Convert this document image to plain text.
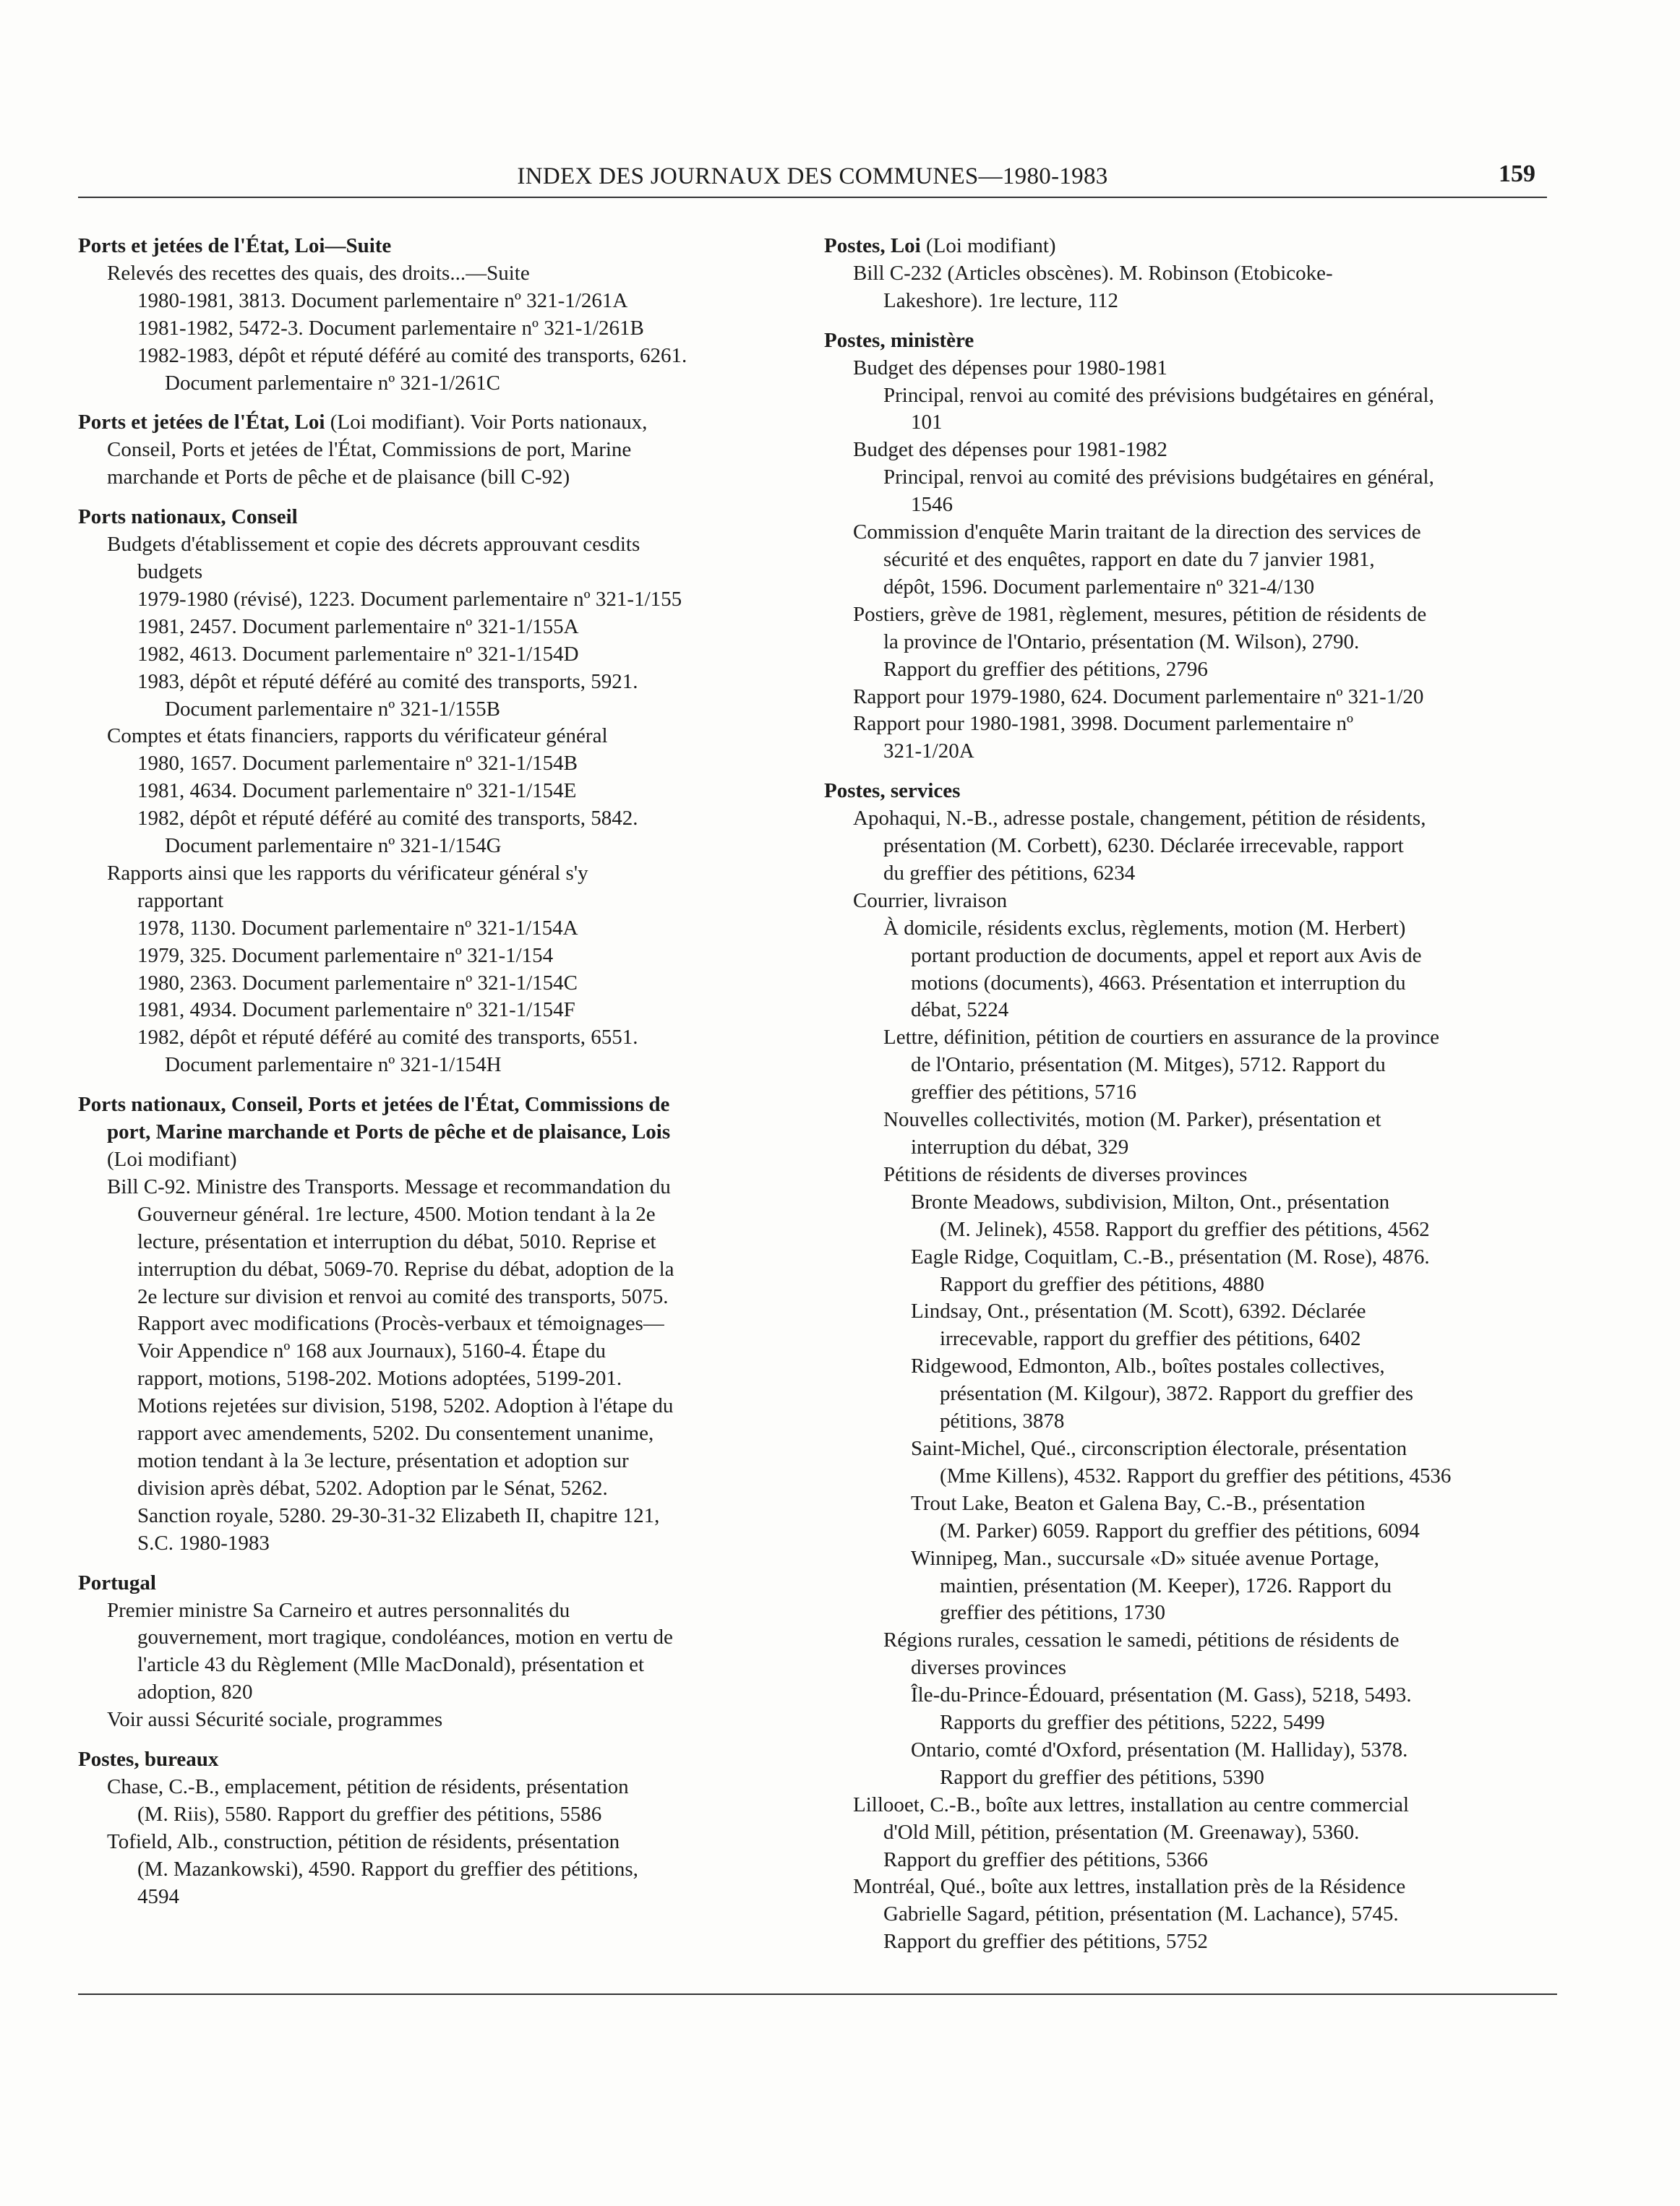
INDEX DES JOURNAUX DES COMMUNES—1980-1983	159
Ports et jetées de l'État, Loi—Suite
Relevés des recettes des quais, des droits...—Suite
1980-1981, 3813. Document parlementaire nº 321-1/261A
1981-1982, 5472-3. Document parlementaire nº 321-1/261B
1982-1983, dépôt et réputé déféré au comité des transports, 6261.
Document parlementaire nº 321-1/261C
Ports et jetées de l'État, Loi (Loi modifiant). Voir Ports nationaux,
Conseil, Ports et jetées de l'État, Commissions de port, Marine
marchande et Ports de pêche et de plaisance (bill C-92)
Ports nationaux, Conseil
Budgets d'établissement et copie des décrets approuvant cesdits
budgets
1979-1980 (révisé), 1223. Document parlementaire nº 321-1/155
1981, 2457. Document parlementaire nº 321-1/155A
1982, 4613. Document parlementaire nº 321-1/154D
1983, dépôt et réputé déféré au comité des transports, 5921.
Document parlementaire nº 321-1/155B
Comptes et états financiers, rapports du vérificateur général
1980, 1657. Document parlementaire nº 321-1/154B
1981, 4634. Document parlementaire nº 321-1/154E
1982, dépôt et réputé déféré au comité des transports, 5842.
Document parlementaire nº 321-1/154G
Rapports ainsi que les rapports du vérificateur général s'y
rapportant
1978, 1130. Document parlementaire nº 321-1/154A
1979, 325. Document parlementaire nº 321-1/154
1980, 2363. Document parlementaire nº 321-1/154C
1981, 4934. Document parlementaire nº 321-1/154F
1982, dépôt et réputé déféré au comité des transports, 6551.
Document parlementaire nº 321-1/154H
Ports nationaux, Conseil, Ports et jetées de l'État, Commissions de
port, Marine marchande et Ports de pêche et de plaisance, Lois
(Loi modifiant)
Bill C-92. Ministre des Transports. Message et recommandation du
Gouverneur général. 1re lecture, 4500. Motion tendant à la 2e
lecture, présentation et interruption du débat, 5010. Reprise et
interruption du débat, 5069-70. Reprise du débat, adoption de la
2e lecture sur division et renvoi au comité des transports, 5075.
Rapport avec modifications (Procès-verbaux et témoignages—
Voir Appendice nº 168 aux Journaux), 5160-4. Étape du
rapport, motions, 5198-202. Motions adoptées, 5199-201.
Motions rejetées sur division, 5198, 5202. Adoption à l'étape du
rapport avec amendements, 5202. Du consentement unanime,
motion tendant à la 3e lecture, présentation et adoption sur
division après débat, 5202. Adoption par le Sénat, 5262.
Sanction royale, 5280. 29-30-31-32 Elizabeth II, chapitre 121,
S.C. 1980-1983
Portugal
Premier ministre Sa Carneiro et autres personnalités du
gouvernement, mort tragique, condoléances, motion en vertu de
l'article 43 du Règlement (Mlle MacDonald), présentation et
adoption, 820
Voir aussi Sécurité sociale, programmes
Postes, bureaux
Chase, C.-B., emplacement, pétition de résidents, présentation
(M. Riis), 5580. Rapport du greffier des pétitions, 5586
Tofield, Alb., construction, pétition de résidents, présentation
(M. Mazankowski), 4590. Rapport du greffier des pétitions,
4594
Postes, Loi (Loi modifiant)
Bill C-232 (Articles obscènes). M. Robinson (Etobicoke-
Lakeshore). 1re lecture, 112
Postes, ministère
Budget des dépenses pour 1980-1981
Principal, renvoi au comité des prévisions budgétaires en général,
101
Budget des dépenses pour 1981-1982
Principal, renvoi au comité des prévisions budgétaires en général,
1546
Commission d'enquête Marin traitant de la direction des services de
sécurité et des enquêtes, rapport en date du 7 janvier 1981,
dépôt, 1596. Document parlementaire nº 321-4/130
Postiers, grève de 1981, règlement, mesures, pétition de résidents de
la province de l'Ontario, présentation (M. Wilson), 2790.
Rapport du greffier des pétitions, 2796
Rapport pour 1979-1980, 624. Document parlementaire nº 321-1/20
Rapport pour 1980-1981, 3998. Document parlementaire nº
321-1/20A
Postes, services
Apohaqui, N.-B., adresse postale, changement, pétition de résidents,
présentation (M. Corbett), 6230. Déclarée irrecevable, rapport
du greffier des pétitions, 6234
Courrier, livraison
À domicile, résidents exclus, règlements, motion (M. Herbert)
portant production de documents, appel et report aux Avis de
motions (documents), 4663. Présentation et interruption du
débat, 5224
Lettre, définition, pétition de courtiers en assurance de la province
de l'Ontario, présentation (M. Mitges), 5712. Rapport du
greffier des pétitions, 5716
Nouvelles collectivités, motion (M. Parker), présentation et
interruption du débat, 329
Pétitions de résidents de diverses provinces
Bronte Meadows, subdivision, Milton, Ont., présentation
(M. Jelinek), 4558. Rapport du greffier des pétitions, 4562
Eagle Ridge, Coquitlam, C.-B., présentation (M. Rose), 4876.
Rapport du greffier des pétitions, 4880
Lindsay, Ont., présentation (M. Scott), 6392. Déclarée
irrecevable, rapport du greffier des pétitions, 6402
Ridgewood, Edmonton, Alb., boîtes postales collectives,
présentation (M. Kilgour), 3872. Rapport du greffier des
pétitions, 3878
Saint-Michel, Qué., circonscription électorale, présentation
(Mme Killens), 4532. Rapport du greffier des pétitions, 4536
Trout Lake, Beaton et Galena Bay, C.-B., présentation
(M. Parker) 6059. Rapport du greffier des pétitions, 6094
Winnipeg, Man., succursale «D» située avenue Portage,
maintien, présentation (M. Keeper), 1726. Rapport du
greffier des pétitions, 1730
Régions rurales, cessation le samedi, pétitions de résidents de
diverses provinces
Île-du-Prince-Édouard, présentation (M. Gass), 5218, 5493.
Rapports du greffier des pétitions, 5222, 5499
Ontario, comté d'Oxford, présentation (M. Halliday), 5378.
Rapport du greffier des pétitions, 5390
Lillooet, C.-B., boîte aux lettres, installation au centre commercial
d'Old Mill, pétition, présentation (M. Greenaway), 5360.
Rapport du greffier des pétitions, 5366
Montréal, Qué., boîte aux lettres, installation près de la Résidence
Gabrielle Sagard, pétition, présentation (M. Lachance), 5745.
Rapport du greffier des pétitions, 5752
